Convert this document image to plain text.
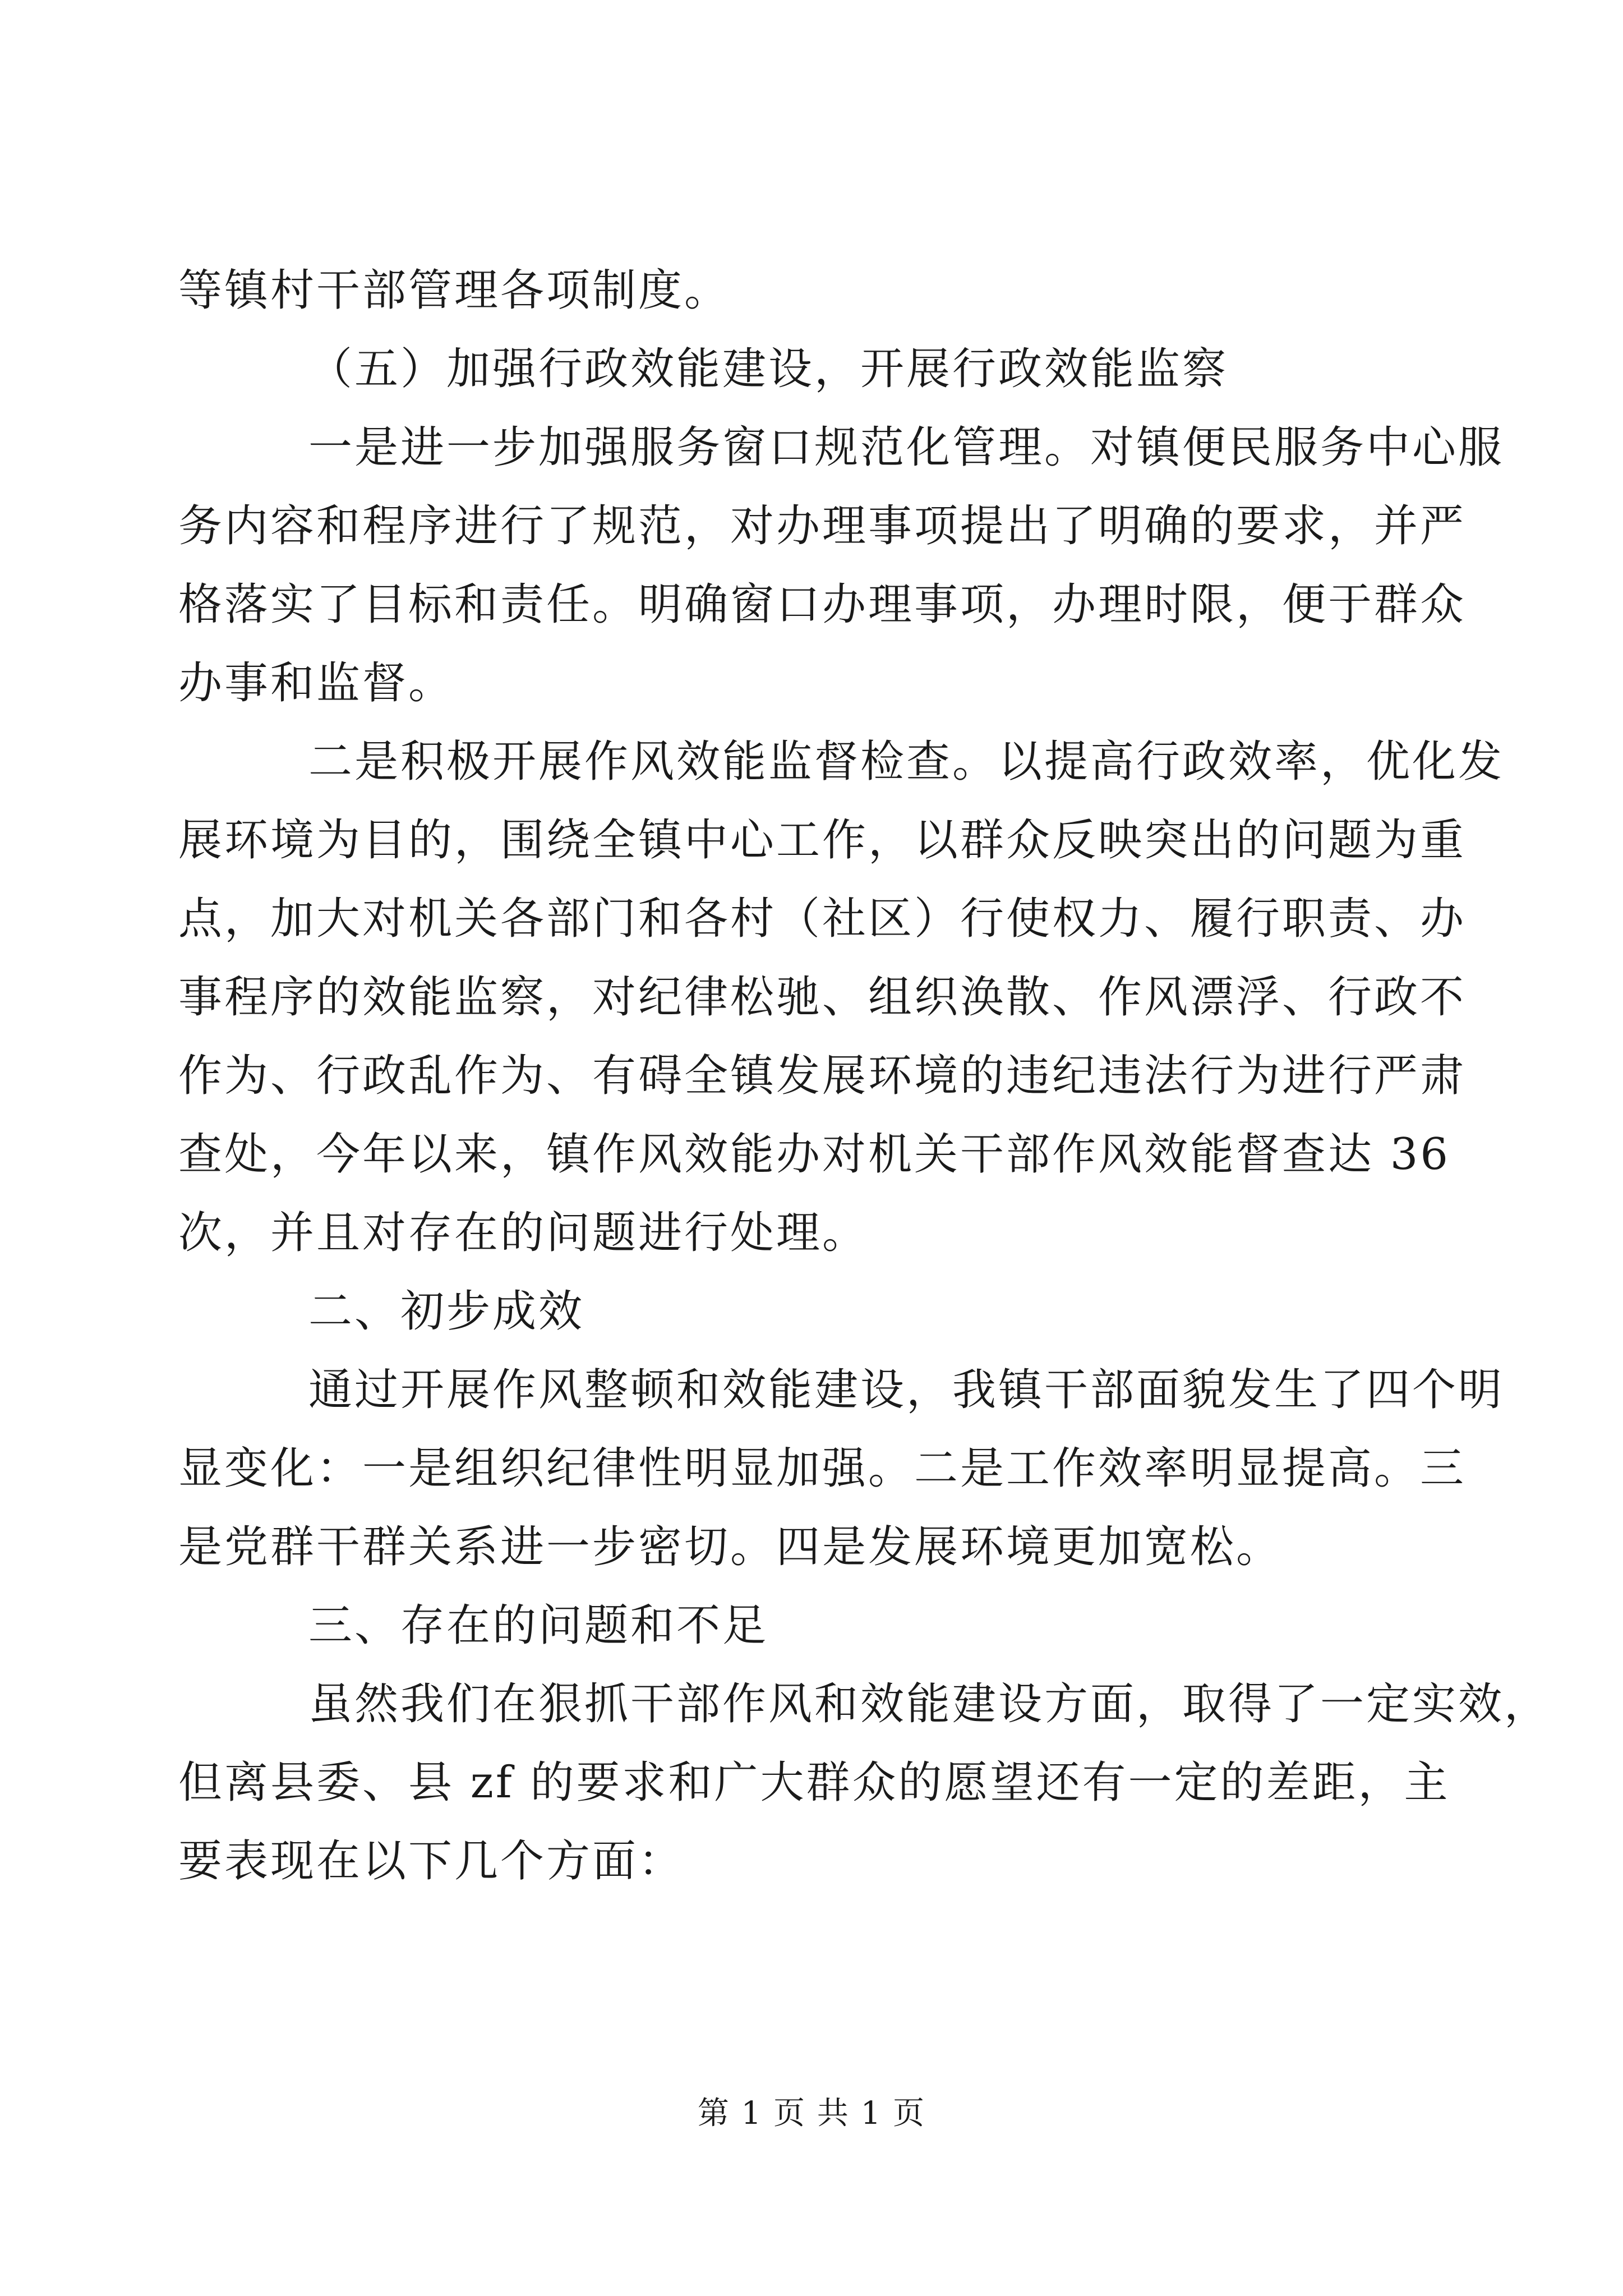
等镇村干部管理各项制度。
（五）加强行政效能建设，开展行政效能监察
一是进一步加强服务窗口规范化管理。对镇便民服务中心服
务内容和程序进行了规范，对办理事项提出了明确的要求，并严
格落实了目标和责任。明确窗口办理事项，办理时限，便于群众
办事和监督。
二是积极开展作风效能监督检查。以提高行政效率，优化发
展环境为目的，围绕全镇中心工作，以群众反映突出的问题为重
点，加大对机关各部门和各村（社区）行使权力、履行职责、办
事程序的效能监察，对纪律松驰、组织涣散、作风漂浮、行政不
作为、行政乱作为、有碍全镇发展环境的违纪违法行为进行严肃
查处，今年以来，镇作风效能办对机关干部作风效能督查达 36
次，并且对存在的问题进行处理。
二、初步成效
通过开展作风整顿和效能建设，我镇干部面貌发生了四个明
显变化：一是组织纪律性明显加强。二是工作效率明显提高。三
是党群干群关系进一步密切。四是发展环境更加宽松。
三、存在的问题和不足
虽然我们在狠抓干部作风和效能建设方面，取得了一定实效，
但离县委、县 zf 的要求和广大群众的愿望还有一定的差距，主
要表现在以下几个方面：
第 1 页 共 1 页
